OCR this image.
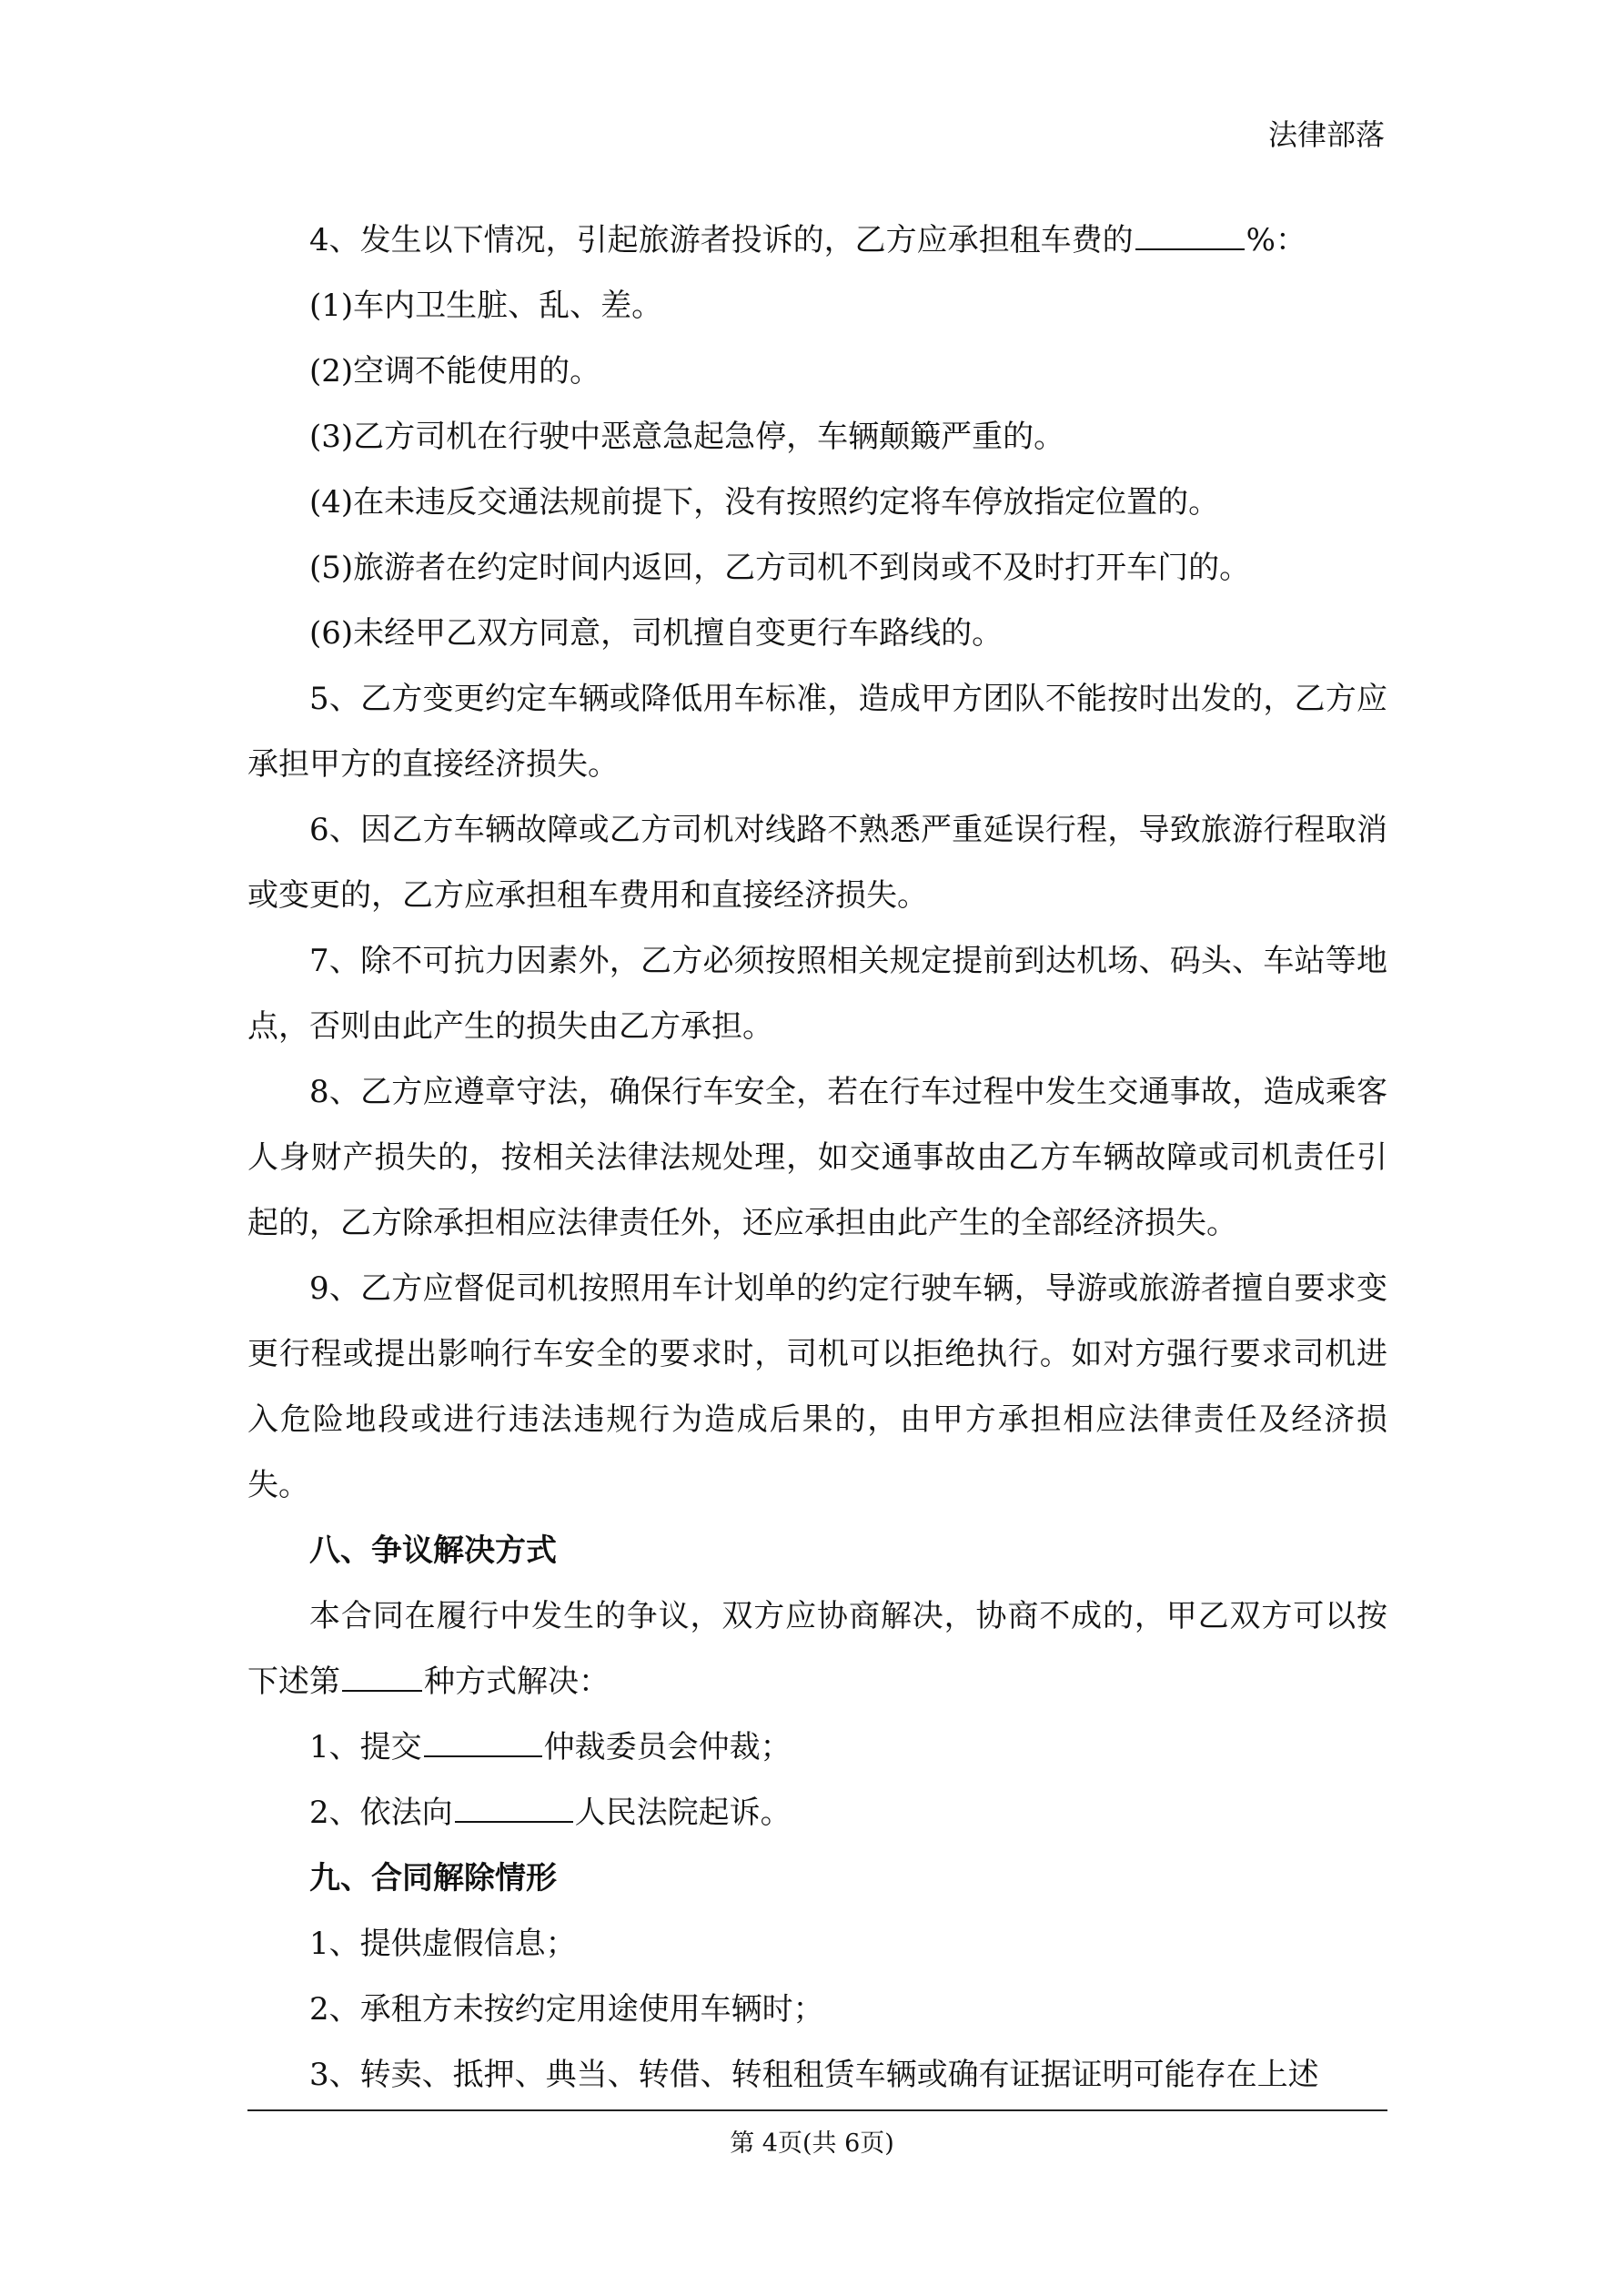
法律部落

4、发生以下情况，引起旅游者投诉的，乙方应承担租车费的	%：

(1)车内卫生脏、乱、差。

(2)空调不能使用的。

(3)乙方司机在行驶中恶意急起急停，车辆颠簸严重的。

(4)在未违反交通法规前提下，没有按照约定将车停放指定位置的。

(5)旅游者在约定时间内返回，乙方司机不到岗或不及时打开车门的。

(6)未经甲乙双方同意，司机擅自变更行车路线的。

5、乙方变更约定车辆或降低用车标准，造成甲方团队不能按时出发的，乙方应承担甲方的直接经济损失。

6、因乙方车辆故障或乙方司机对线路不熟悉严重延误行程，导致旅游行程取消或变更的，乙方应承担租车费用和直接经济损失。

7、除不可抗力因素外，乙方必须按照相关规定提前到达机场、码头、车站等地点，否则由此产生的损失由乙方承担。

8、乙方应遵章守法，确保行车安全，若在行车过程中发生交通事故，造成乘客人身财产损失的，按相关法律法规处理，如交通事故由乙方车辆故障或司机责任引起的，乙方除承担相应法律责任外，还应承担由此产生的全部经济损失。

9、乙方应督促司机按照用车计划单的约定行驶车辆，导游或旅游者擅自要求变更行程或提出影响行车安全的要求时，司机可以拒绝执行。如对方强行要求司机进入危险地段或进行违法违规行为造成后果的，由甲方承担相应法律责任及经济损失。

八、争议解决方式

本合同在履行中发生的争议，双方应协商解决，协商不成的，甲乙双方可以按下述第	种方式解决：

1、提交	仲裁委员会仲裁；

2、依法向	人民法院起诉。

九、合同解除情形

1、提供虚假信息；

2、承租方未按约定用途使用车辆时；

3、转卖、抵押、典当、转借、转租租赁车辆或确有证据证明可能存在上述

第 4页(共 6页)
